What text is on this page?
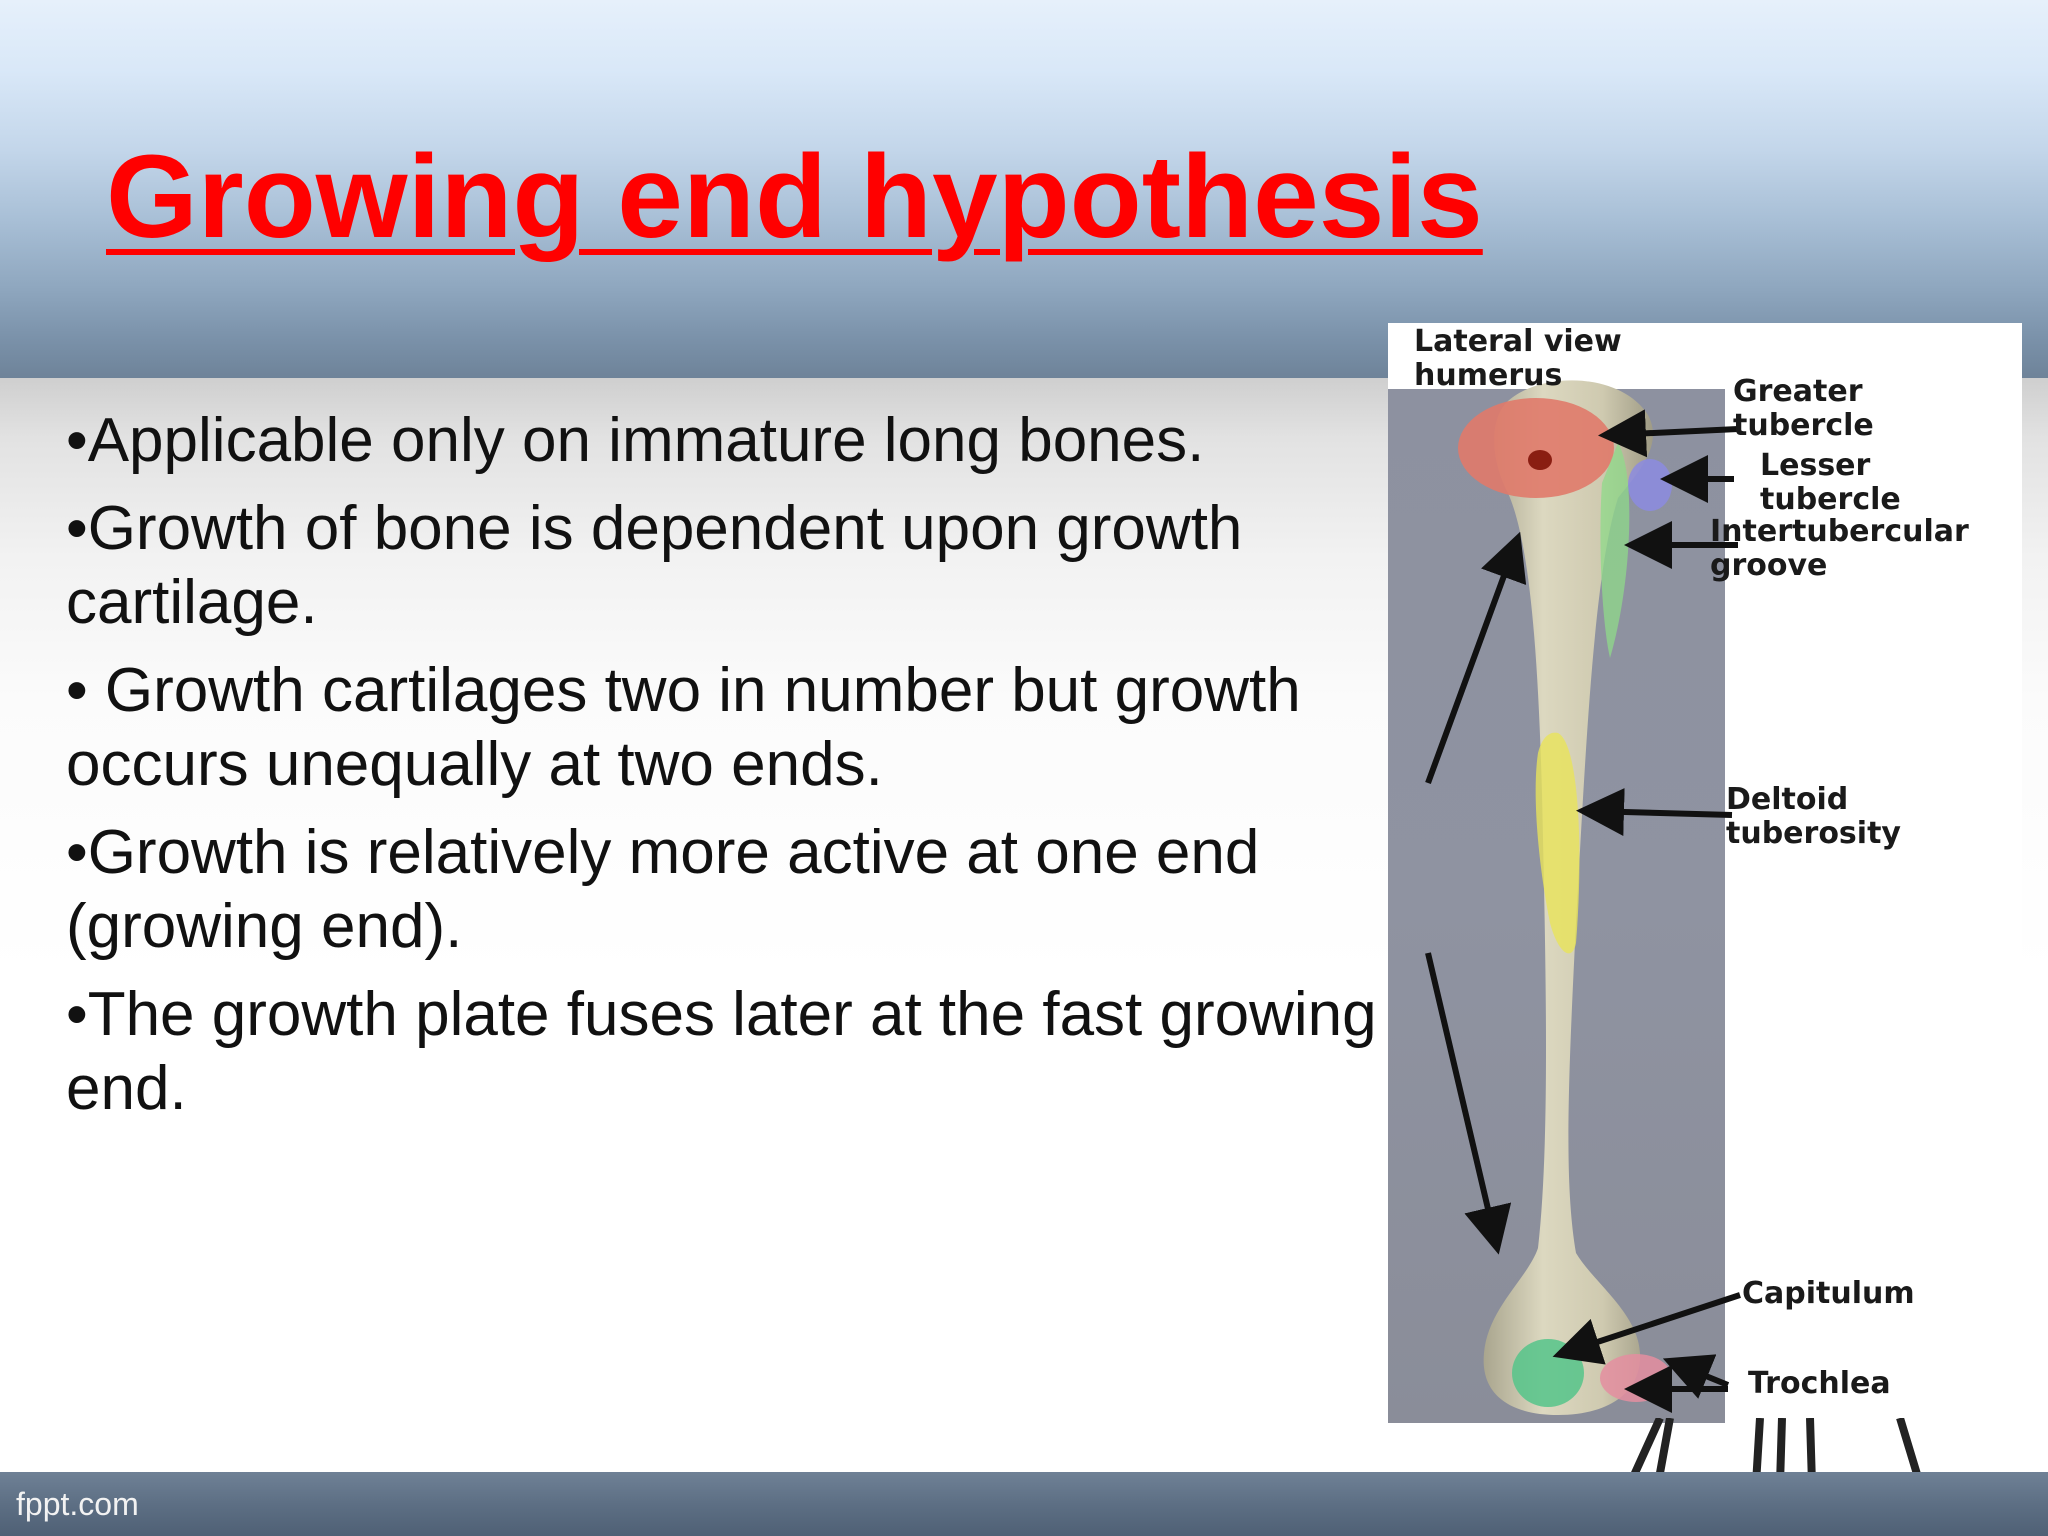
Growing end hypothesis
•Applicable only on immature long bones.
•Growth of bone is dependent upon growth cartilage.
• Growth cartilages two in number but growth occurs unequally at two ends.
•Growth is relatively more active at one end (growing end).
•The growth plate fuses later at the fast growing end.
Lateral view
humerus	Greater
tubercle
Lesser
tubercle
Intertubercular
groove
Deltoid
tuberosity
Capitulum
Trochlea
fppt.com
